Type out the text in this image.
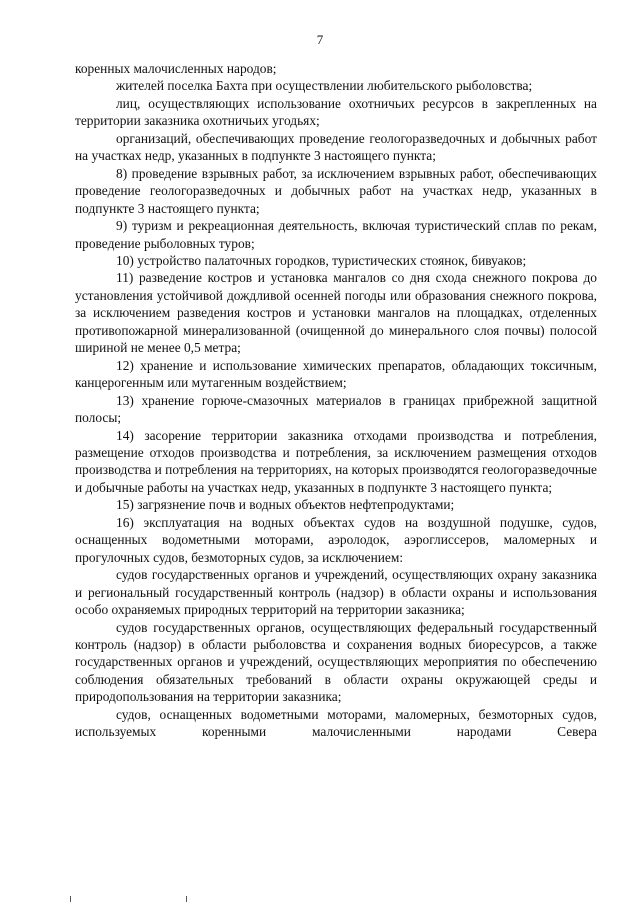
7

коренных малочисленных народов;

жителей поселка Бахта при осуществлении любительского рыболовства;

лиц, осуществляющих использование охотничьих ресурсов в закрепленных на территории заказника охотничьих угодьях;

организаций, обеспечивающих проведение геологоразведочных и добычных работ на участках недр, указанных в подпункте 3 настоящего пункта;

8) проведение взрывных работ, за исключением взрывных работ, обеспечивающих проведение геологоразведочных и добычных работ на участках недр, указанных в подпункте 3 настоящего пункта;

9) туризм и рекреационная деятельность, включая туристический сплав по рекам, проведение рыболовных туров;

10) устройство палаточных городков, туристических стоянок, бивуаков;

11) разведение костров и установка мангалов со дня схода снежного покрова до установления устойчивой дождливой осенней погоды или образования снежного покрова, за исключением разведения костров и установки мангалов на площадках, отделенных противопожарной минерализованной (очищенной до минерального слоя почвы) полосой шириной не менее 0,5 метра;

12) хранение и использование химических препаратов, обладающих токсичным, канцерогенным или мутагенным воздействием;

13) хранение горюче-смазочных материалов в границах прибрежной защитной полосы;

14) засорение территории заказника отходами производства и потребления, размещение отходов производства и потребления, за исключением размещения отходов производства и потребления на территориях, на которых производятся геологоразведочные и добычные работы на участках недр, указанных в подпункте 3 настоящего пункта;

15) загрязнение почв и водных объектов нефтепродуктами;

16) эксплуатация на водных объектах судов на воздушной подушке, судов, оснащенных водометными моторами, аэролодок, аэроглиссеров, маломерных и прогулочных судов, безмоторных судов, за исключением:

судов государственных органов и учреждений, осуществляющих охрану заказника и региональный государственный контроль (надзор) в области охраны и использования особо охраняемых природных территорий на территории заказника;

судов государственных органов, осуществляющих федеральный государственный контроль (надзор) в области рыболовства и сохранения водных биоресурсов, а также государственных органов и учреждений, осуществляющих мероприятия по обеспечению соблюдения обязательных требований в области охраны окружающей среды и природопользования на территории заказника;

судов, оснащенных водометными моторами, маломерных, безмоторных судов, используемых коренными малочисленными народами Севера
